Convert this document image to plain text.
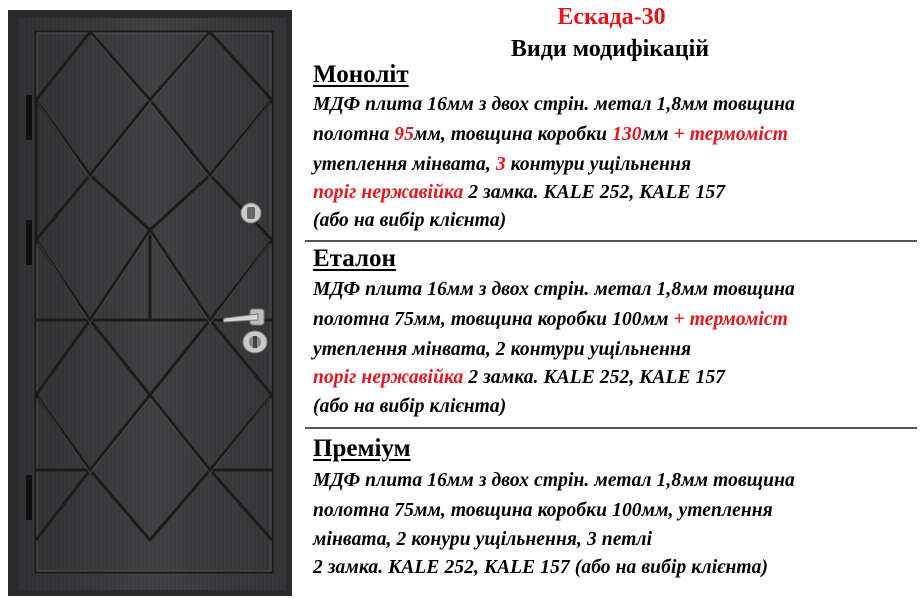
Ескада-30
Види модифікацій
Моноліт
МДФ плита 16мм з двох стрін. метал 1,8мм товщина
полотна 95мм, товщина коробки 130мм + термоміст
утеплення мінвата, 3 контури ущільнення
поріг нержавійка 2 замка. KALE 252, KALE 157
(або на вибір клієнта)
Еталон
МДФ плита 16мм з двох стрін. метал 1,8мм товщина
полотна 75мм, товщина коробки 100мм + термоміст
утеплення мінвата, 2 контури ущільнення
поріг нержавійка 2 замка. KALE 252, KALE 157
(або на вибір клієнта)
Преміум
МДФ плита 16мм з двох стрін. метал 1,8мм товщина
полотна 75мм, товщина коробки 100мм, утеплення
мінвата, 2 конури ущільнення, 3 петлі
2 замка. KALE 252, KALE 157 (або на вибір клієнта)
